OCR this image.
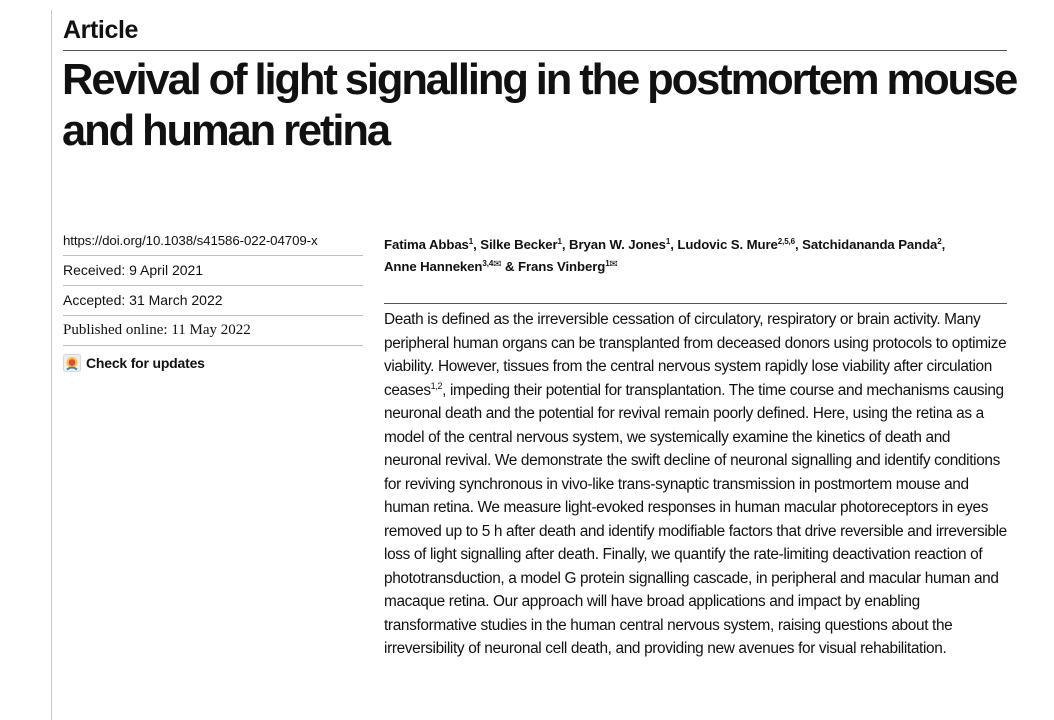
Article
Revival of light signalling in the postmortem mouse and human retina
https://doi.org/10.1038/s41586-022-04709-x
Received: 9 April 2021
Accepted: 31 March 2022
Published online: 11 May 2022
Check for updates
Fatima Abbas$^1$, Silke Becker$^1$, Bryan W. Jones$^1$, Ludovic S. Mure$^{2,5,6}$, Satchidananda Panda$^2$,
Anne Hanneken$^{3,4✉}$ & Frans Vinberg$^{1✉}$

Death is defined as the irreversible cessation of circulatory, respiratory or brain activity. Many peripheral human organs can be transplanted from deceased donors using protocols to optimize viability. However, tissues from the central nervous system rapidly lose viability after circulation ceases$^{1,2}$, impeding their potential for transplantation. The time course and mechanisms causing neuronal death and the potential for revival remain poorly defined. Here, using the retina as a model of the central nervous system, we systemically examine the kinetics of death and neuronal revival. We demonstrate the swift decline of neuronal signalling and identify conditions for reviving synchronous in vivo-like trans-synaptic transmission in postmortem mouse and human retina. We measure light-evoked responses in human macular photoreceptors in eyes removed up to 5 h after death and identify modifiable factors that drive reversible and irreversible loss of light signalling after death. Finally, we quantify the rate-limiting deactivation reaction of phototransduction, a model G protein signalling cascade, in peripheral and macular human and macaque retina. Our approach will have broad applications and impact by enabling transformative studies in the human central nervous system, raising questions about the irreversibility of neuronal cell death, and providing new avenues for visual rehabilitation.
